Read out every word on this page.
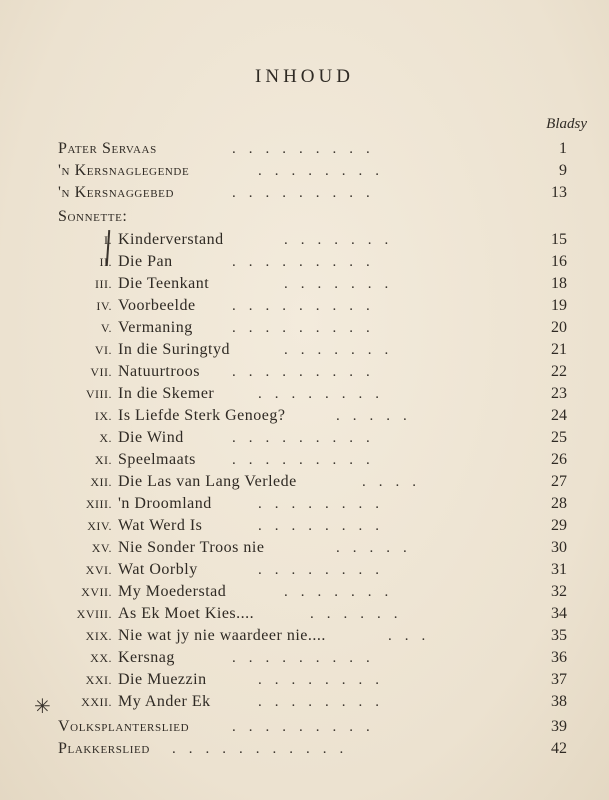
INHOUD
Bladsy
Pater Servaas	.........	1
'n Kersnaglegende	........	9
'n Kersnaggebed	.........	13
Sonnette:
I. Kinderverstand	.......	15
II. Die Pan	.........	16
III. Die Teenkant	.......	18
IV. Voorbeelde .........	19
V. Vermaning	.........	20
VI. In die Suringtyd	.......	21
VII. Natuurtroos .........	22
VIII. In die Skemer	........	23
IX. Is Liefde Sterk Genoeg?	.....	24
X. Die Wind	.........	25
XI. Speelmaats .........	26
XII. Die Las van Lang Verlede	....	27
XIII. 'n Droomland	........	28
XIV. Wat Werd Is	........	29
XV. Nie Sonder Troos nie	.....	30
XVI. Wat Oorbly	........	31
XVII. My Moederstad	.......	32
XVIII. As Ek Moet Kies....	......	34
XIX. Nie wat jy nie waardeer nie....	...	35
XX. Kersnag	.........	36
XXI. Die Muezzin	........	37
XXII. My Ander Ek	........	38
✳
Volksplanterslied	.........	39
Plakkerslied ...........	42
